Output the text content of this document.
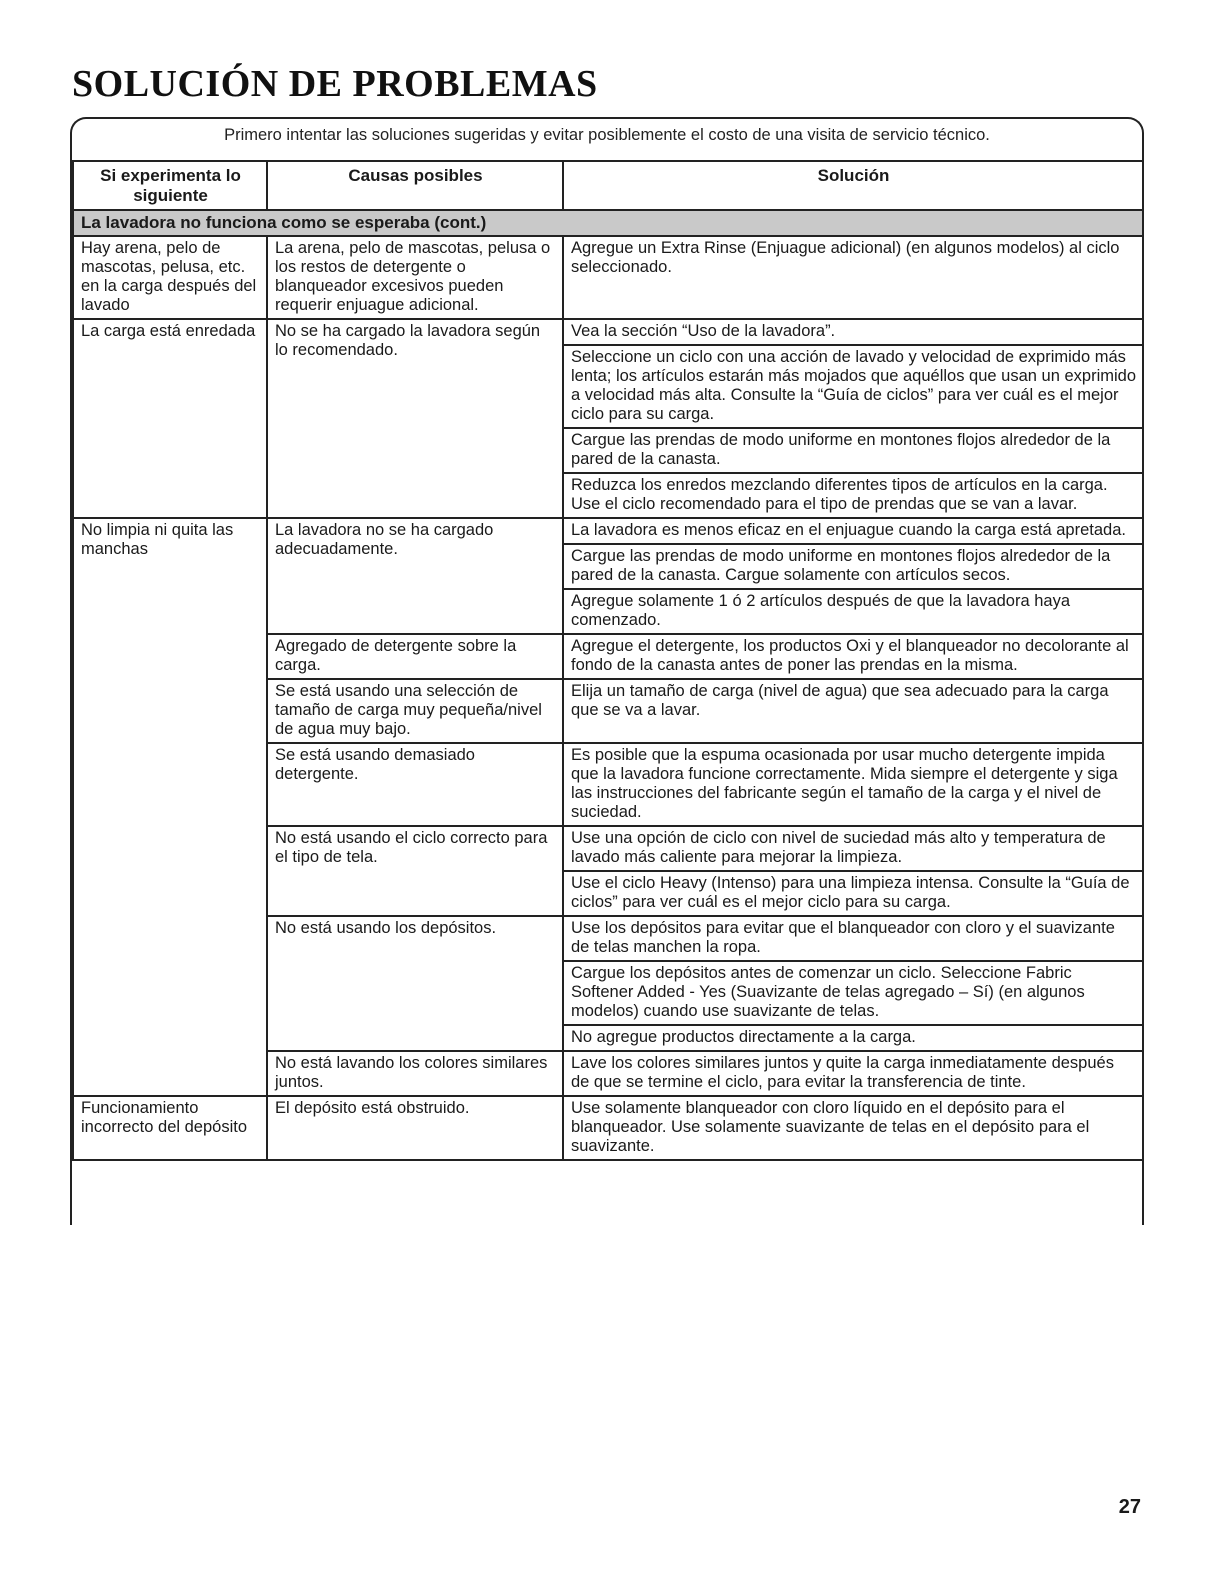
SOLUCIÓN DE PROBLEMAS
Primero intentar las soluciones sugeridas y evitar posiblemente el costo de una visita de servicio técnico.
Si experimenta lo siguiente	Causas posibles	Solución
La lavadora no funciona como se esperaba (cont.)		
Hay arena, pelo de mascotas, pelusa, etc. en la carga después del lavado	La arena, pelo de mascotas, pelusa o los restos de detergente o blanqueador excesivos pueden requerir enjuague adicional.	Agregue un Extra Rinse (Enjuague adicional) (en algunos modelos) al ciclo seleccionado.
La carga está enredada	No se ha cargado la lavadora según lo recomendado.	Vea la sección “Uso de la lavadora”.
		Seleccione un ciclo con una acción de lavado y velocidad de exprimido más lenta; los artículos estarán más mojados que aquéllos que usan un exprimido a velocidad más alta. Consulte la “Guía de ciclos” para ver cuál es el mejor ciclo para su carga.
		Cargue las prendas de modo uniforme en montones flojos alrededor de la pared de la canasta.
		Reduzca los enredos mezclando diferentes tipos de artículos en la carga. Use el ciclo recomendado para el tipo de prendas que se van a lavar.
No limpia ni quita las manchas	La lavadora no se ha cargado adecuadamente.	La lavadora es menos eficaz en el enjuague cuando la carga está apretada.
		Cargue las prendas de modo uniforme en montones flojos alrededor de la pared de la canasta. Cargue solamente con artículos secos.
		Agregue solamente 1 ó 2 artículos después de que la lavadora haya comenzado.
	Agregado de detergente sobre la carga.	Agregue el detergente, los productos Oxi y el blanqueador no decolorante al fondo de la canasta antes de poner las prendas en la misma.
	Se está usando una selección de tamaño de carga muy pequeña/nivel de agua muy bajo.	Elija un tamaño de carga (nivel de agua) que sea adecuado para la carga que se va a lavar.
	Se está usando demasiado detergente.	Es posible que la espuma ocasionada por usar mucho detergente impida que la lavadora funcione correctamente. Mida siempre el detergente y siga las instrucciones del fabricante según el tamaño de la carga y el nivel de suciedad.
	No está usando el ciclo correcto para el tipo de tela.	Use una opción de ciclo con nivel de suciedad más alto y temperatura de lavado más caliente para mejorar la limpieza.
		Use el ciclo Heavy (Intenso) para una limpieza intensa. Consulte la “Guía de ciclos” para ver cuál es el mejor ciclo para su carga.
	No está usando los depósitos.	Use los depósitos para evitar que el blanqueador con cloro y el suavizante de telas manchen la ropa.
		Cargue los depósitos antes de comenzar un ciclo. Seleccione Fabric Softener Added - Yes (Suavizante de telas agregado – Sí) (en algunos modelos) cuando use suavizante de telas.
		No agregue productos directamente a la carga.
	No está lavando los colores similares juntos.	Lave los colores similares juntos y quite la carga inmediatamente después de que se termine el ciclo, para evitar la transferencia de tinte.
Funcionamiento incorrecto del depósito	El depósito está obstruido.	Use solamente blanqueador con cloro líquido en el depósito para el blanqueador. Use solamente suavizante de telas en el depósito para el suavizante.
27
